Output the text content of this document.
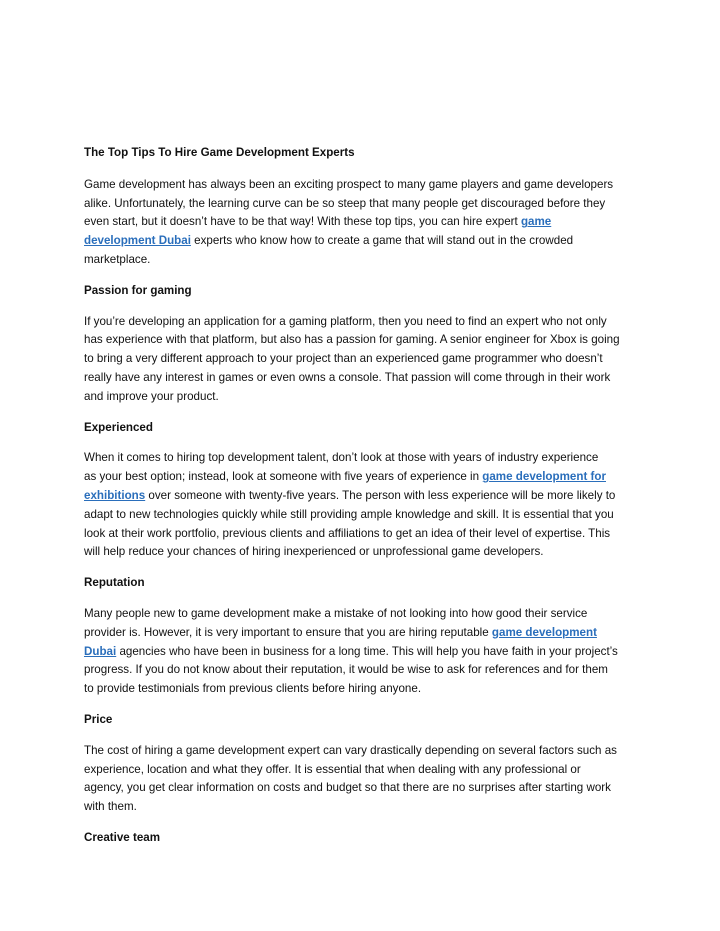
The Top Tips To Hire Game Development Experts

Game development has always been an exciting prospect to many game players and game developers
alike. Unfortunately, the learning curve can be so steep that many people get discouraged before they
even start, but it doesn’t have to be that way! With these top tips, you can hire expert game
development Dubai experts who know how to create a game that will stand out in the crowded
marketplace.

Passion for gaming

If you’re developing an application for a gaming platform, then you need to find an expert who not only
has experience with that platform, but also has a passion for gaming. A senior engineer for Xbox is going
to bring a very different approach to your project than an experienced game programmer who doesn’t
really have any interest in games or even owns a console. That passion will come through in their work
and improve your product.

Experienced

When it comes to hiring top development talent, don’t look at those with years of industry experience
as your best option; instead, look at someone with five years of experience in game development for
exhibitions over someone with twenty-five years. The person with less experience will be more likely to
adapt to new technologies quickly while still providing ample knowledge and skill. It is essential that you
look at their work portfolio, previous clients and affiliations to get an idea of their level of expertise. This
will help reduce your chances of hiring inexperienced or unprofessional game developers.

Reputation

Many people new to game development make a mistake of not looking into how good their service
provider is. However, it is very important to ensure that you are hiring reputable game development
Dubai agencies who have been in business for a long time. This will help you have faith in your project’s
progress. If you do not know about their reputation, it would be wise to ask for references and for them
to provide testimonials from previous clients before hiring anyone.

Price

The cost of hiring a game development expert can vary drastically depending on several factors such as
experience, location and what they offer. It is essential that when dealing with any professional or
agency, you get clear information on costs and budget so that there are no surprises after starting work
with them.

Creative team
